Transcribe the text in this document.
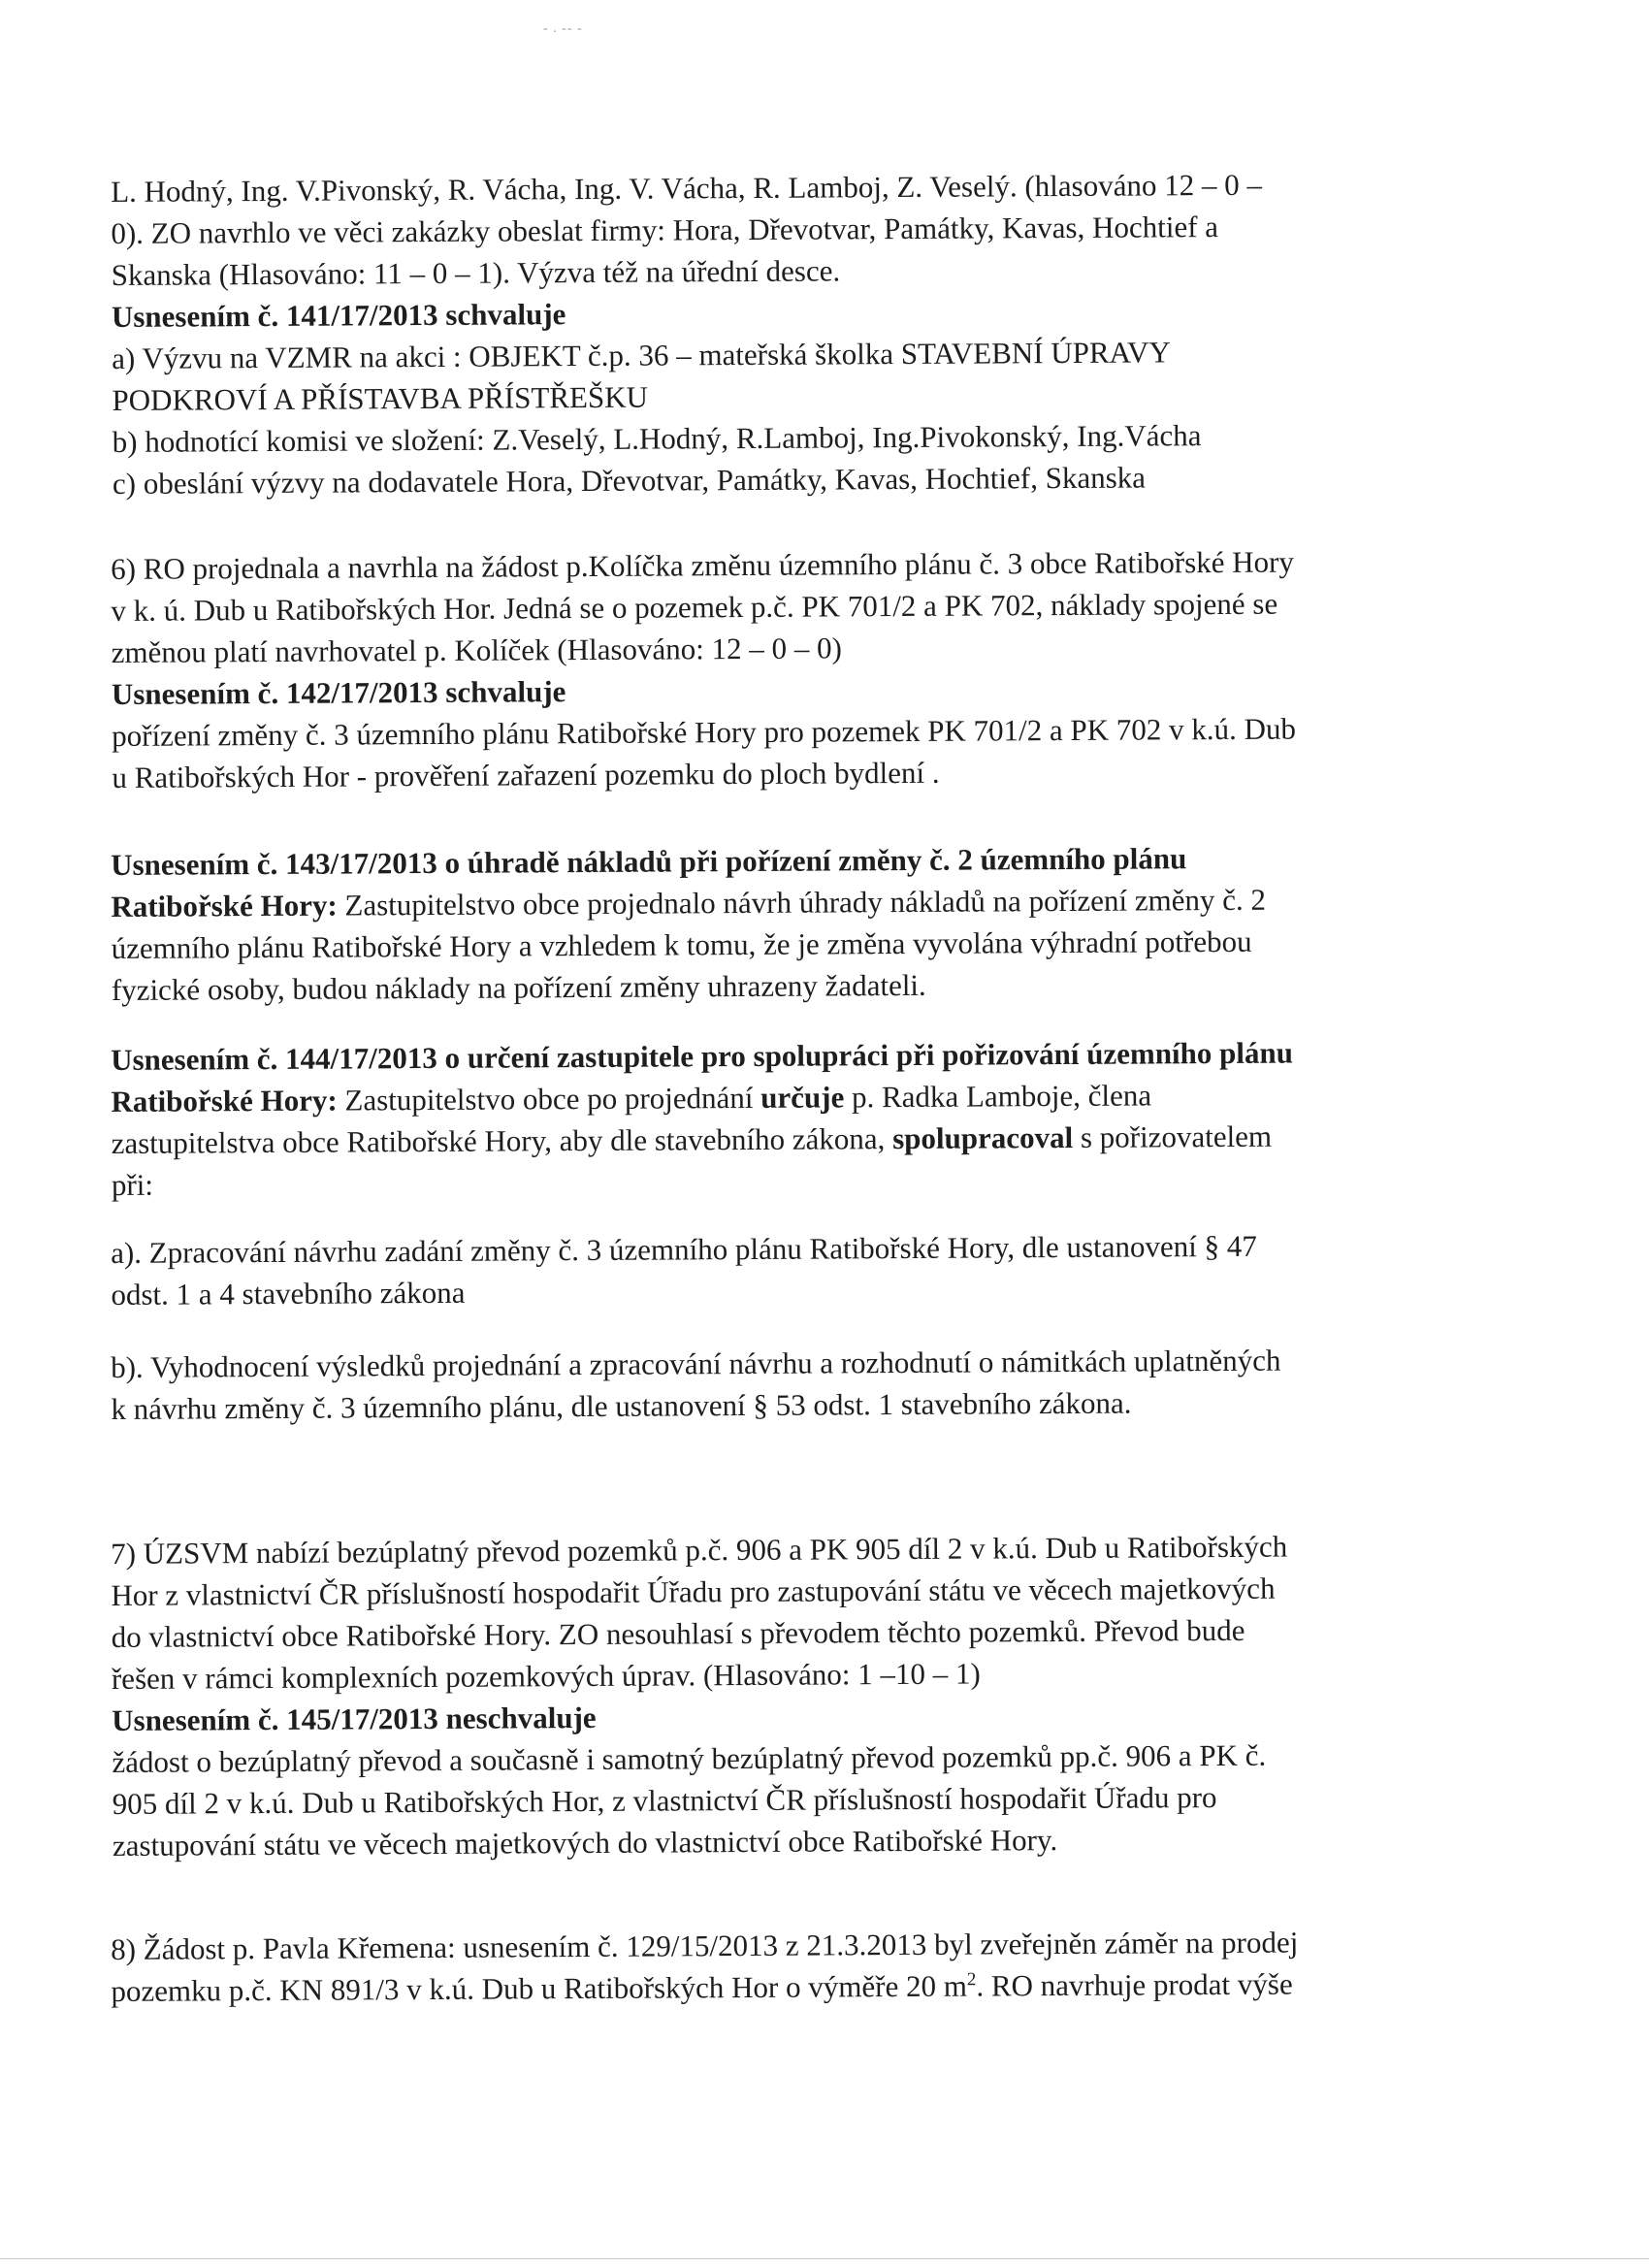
- . -- -

L. Hodný, Ing. V.Pivonský, R. Vácha, Ing. V. Vácha, R. Lamboj, Z. Veselý. (hlasováno 12 – 0 –

0). ZO navrhlo ve věci zakázky obeslat firmy: Hora, Dřevotvar, Památky, Kavas, Hochtief a

Skanska (Hlasováno: 11 – 0 – 1). Výzva též na úřední desce.

Usnesením č. 141/17/2013 schvaluje

a) Výzvu na VZMR na akci : OBJEKT č.p. 36 – mateřská školka STAVEBNÍ ÚPRAVY

PODKROVÍ A PŘÍSTAVBA PŘÍSTŘEŠKU

b) hodnotící komisi ve složení: Z.Veselý, L.Hodný, R.Lamboj, Ing.Pivokonský, Ing.Vácha

c) obeslání výzvy na dodavatele Hora, Dřevotvar, Památky, Kavas, Hochtief, Skanska

6) RO projednala a navrhla na žádost p.Kolíčka změnu územního plánu č. 3 obce Ratibořské Hory

v k. ú. Dub u Ratibořských Hor. Jedná se o pozemek p.č. PK 701/2 a PK 702, náklady spojené se

změnou platí navrhovatel p. Kolíček (Hlasováno: 12 – 0 – 0)

Usnesením č. 142/17/2013 schvaluje

pořízení změny č. 3 územního plánu Ratibořské Hory pro pozemek PK 701/2 a PK 702 v k.ú. Dub

u Ratibořských Hor - prověření zařazení pozemku do ploch bydlení .

Usnesením č. 143/17/2013 o úhradě nákladů při pořízení změny č. 2 územního plánu

Ratibořské Hory: Zastupitelstvo obce projednalo návrh úhrady nákladů na pořízení změny č. 2

územního plánu Ratibořské Hory a vzhledem k tomu, že je změna vyvolána výhradní potřebou

fyzické osoby, budou náklady na pořízení změny uhrazeny žadateli.

Usnesením č. 144/17/2013 o určení zastupitele pro spolupráci při pořizování územního plánu

Ratibořské Hory: Zastupitelstvo obce po projednání určuje p. Radka Lamboje, člena

zastupitelstva obce Ratibořské Hory, aby dle stavebního zákona, spolupracoval s pořizovatelem

při:

a). Zpracování návrhu zadání změny č. 3 územního plánu Ratibořské Hory, dle ustanovení § 47

odst. 1 a 4 stavebního zákona

b). Vyhodnocení výsledků projednání a zpracování návrhu a rozhodnutí o námitkách uplatněných

k návrhu změny č. 3 územního plánu, dle ustanovení § 53 odst. 1 stavebního zákona.

7) ÚZSVM nabízí bezúplatný převod pozemků p.č. 906 a PK 905 díl 2 v k.ú. Dub u Ratibořských

Hor z vlastnictví ČR příslušností hospodařit Úřadu pro zastupování státu ve věcech majetkových

do vlastnictví obce Ratibořské Hory. ZO nesouhlasí s převodem těchto pozemků. Převod bude

řešen v rámci komplexních pozemkových úprav. (Hlasováno: 1 –10 – 1)

Usnesením č. 145/17/2013 neschvaluje

žádost o bezúplatný převod a současně i samotný bezúplatný převod pozemků pp.č. 906 a PK č.

905 díl 2 v k.ú. Dub u Ratibořských Hor, z vlastnictví ČR příslušností hospodařit Úřadu pro

zastupování státu ve věcech majetkových do vlastnictví obce Ratibořské Hory.

8) Žádost p. Pavla Křemena: usnesením č. 129/15/2013 z 21.3.2013 byl zveřejněn záměr na prodej

pozemku p.č. KN 891/3 v k.ú. Dub u Ratibořských Hor o výměře 20 $m^2$. RO navrhuje prodat výše
